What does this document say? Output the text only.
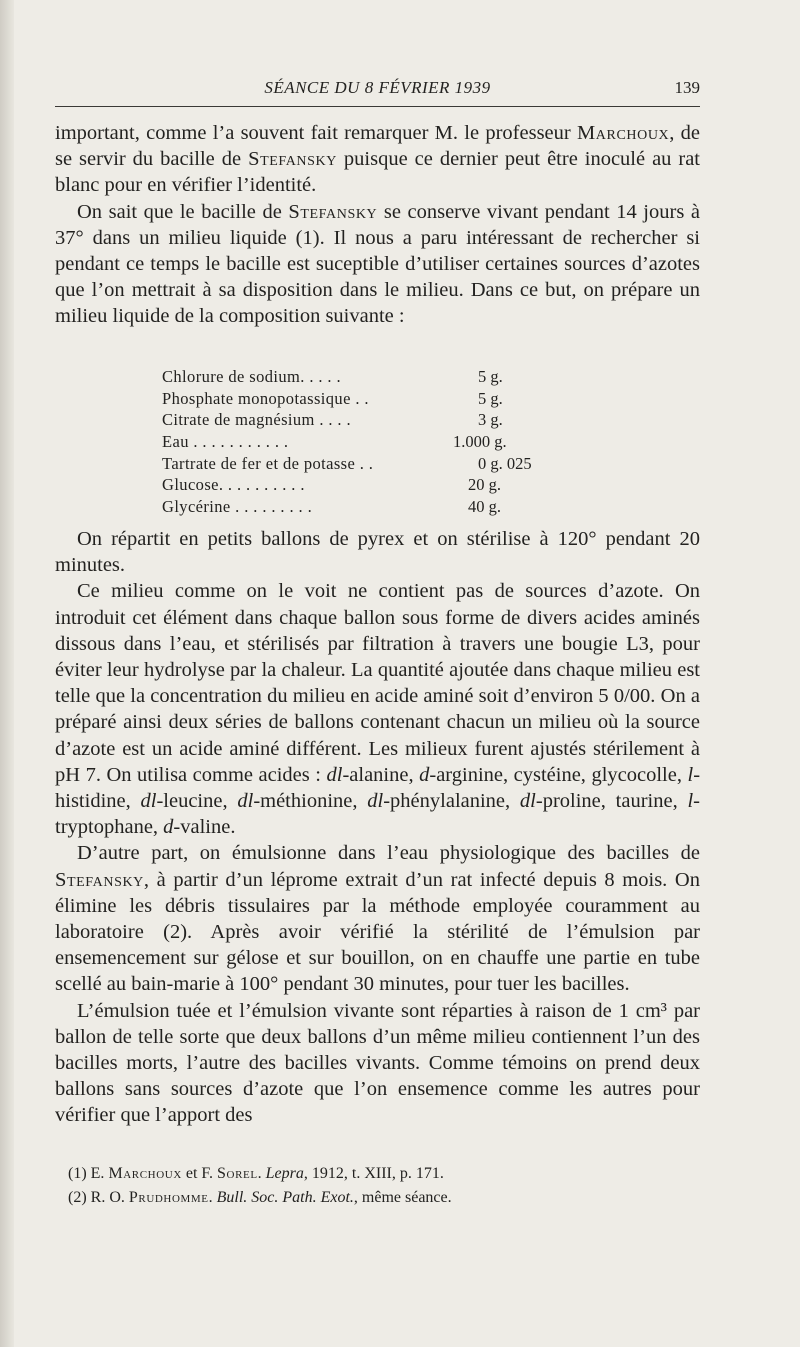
SÉANCE DU 8 FÉVRIER 1939	139

important, comme l’a souvent fait remarquer M. le professeur Marchoux, de se servir du bacille de Stefansky puisque ce dernier peut être inoculé au rat blanc pour en vérifier l’identité.

On sait que le bacille de Stefansky se conserve vivant pendant 14 jours à 37° dans un milieu liquide (1). Il nous a paru intéressant de rechercher si pendant ce temps le bacille est suceptible d’utiliser certaines sources d’azotes que l’on mettrait à sa disposition dans le milieu. Dans ce but, on prépare un milieu liquide de la composition suivante :

Chlorure de sodium. . . . .	5 g.
Phosphate monopotassique . .	5 g.
Citrate de magnésium . . . .	3 g.
Eau . . . . . . . . . . .	1.000 g.
Tartrate de fer et de potasse . .	0 g. 025
Glucose. . . . . . . . . .	20 g.
Glycérine . . . . . . . . .	40 g.

On répartit en petits ballons de pyrex et on stérilise à 120° pendant 20 minutes.

Ce milieu comme on le voit ne contient pas de sources d’azote. On introduit cet élément dans chaque ballon sous forme de divers acides aminés dissous dans l’eau, et stérilisés par filtration à travers une bougie L3, pour éviter leur hydrolyse par la chaleur. La quantité ajoutée dans chaque milieu est telle que la concentration du milieu en acide aminé soit d’environ 5 0/00. On a préparé ainsi deux séries de ballons contenant chacun un milieu où la source d’azote est un acide aminé différent. Les milieux furent ajustés stérilement à pH 7. On utilisa comme acides : dl-alanine, d-arginine, cystéine, glycocolle, l-histidine, dl-leucine, dl-méthionine, dl-phénylalanine, dl-proline, taurine, l-tryptophane, d-valine.

D’autre part, on émulsionne dans l’eau physiologique des bacilles de Stefansky, à partir d’un léprome extrait d’un rat infecté depuis 8 mois. On élimine les débris tissulaires par la méthode employée couramment au laboratoire (2). Après avoir vérifié la stérilité de l’émulsion par ensemencement sur gélose et sur bouillon, on en chauffe une partie en tube scellé au bain-marie à 100° pendant 30 minutes, pour tuer les bacilles.

L’émulsion tuée et l’émulsion vivante sont réparties à raison de 1 cm³ par ballon de telle sorte que deux ballons d’un même milieu contiennent l’un des bacilles morts, l’autre des bacilles vivants. Comme témoins on prend deux ballons sans sources d’azote que l’on ensemence comme les autres pour vérifier que l’apport des

(1) E. Marchoux et F. Sorel. Lepra, 1912, t. XIII, p. 171.

(2) R. O. Prudhomme. Bull. Soc. Path. Exot., même séance.
